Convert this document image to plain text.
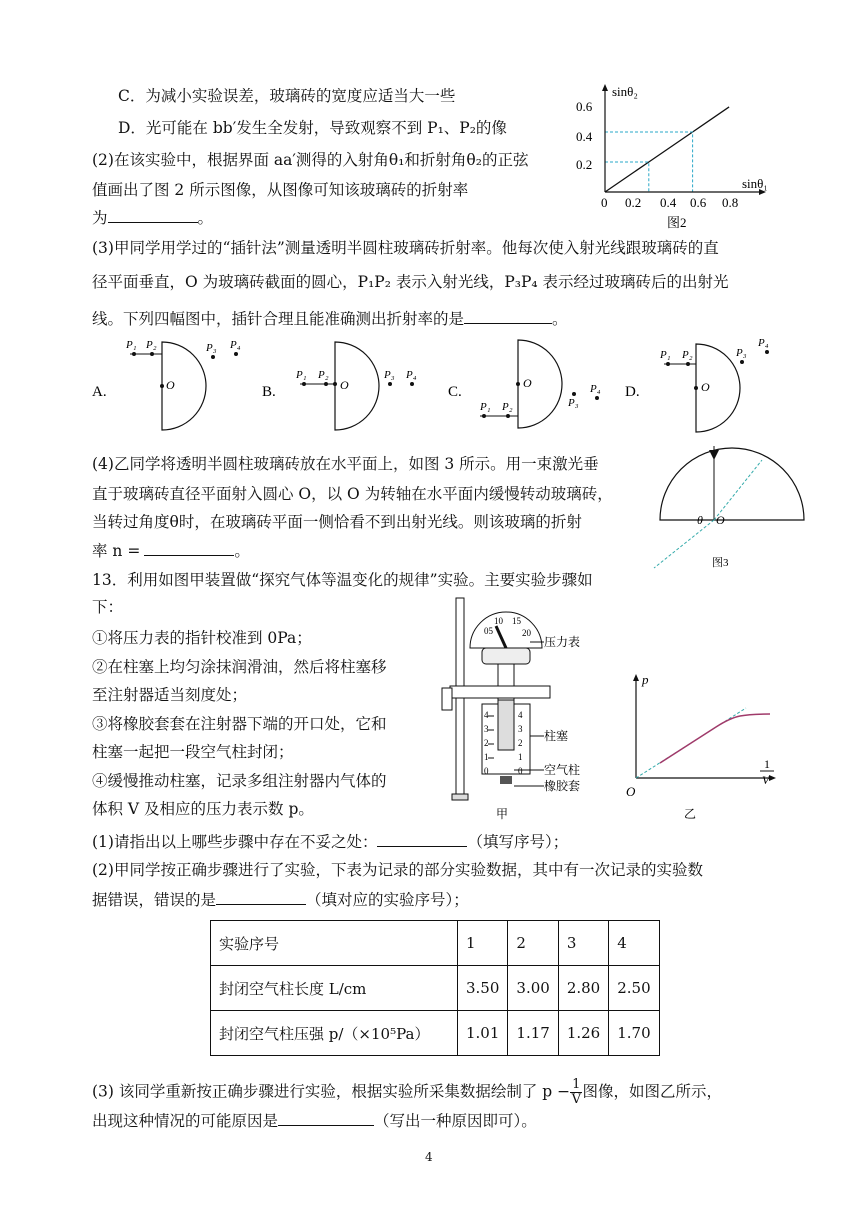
C．为减小实验误差，玻璃砖的宽度应适当大一些
D．光可能在 bb′发生全发射，导致观察不到 P₁、P₂的像
(2)在该实验中，根据界面 aa′测得的入射角θ₁和折射角θ₂的正弦
值画出了图 2 所示图像，从图像可知该玻璃砖的折射率
为	。
sinθ₂
sinθ₁
0.6
0.4
0.2
0 0.2 0.4 0.6 0.8
图2
(3)甲同学用学过的“插针法”测量透明半圆柱玻璃砖折射率。他每次使入射光线跟玻璃砖的直
径平面垂直，O 为玻璃砖截面的圆心，P₁P₂ 表示入射光线，P₃P₄ 表示经过玻璃砖后的出射光
线。下列四幅图中，插针合理且能准确测出折射率的是	。
A.
P₁ P₂	P₃ P₄
O	B.
P₁ P₂	P₃ P₄
O	C.
P₁ P₂	P₃
P₄
O
D.
P₁ P₂	P₃
P₄
O
(4)乙同学将透明半圆柱玻璃砖放在水平面上，如图 3 所示。用一束激光垂
直于玻璃砖直径平面射入圆心 O，以 O 为转轴在水平面内缓慢转动玻璃砖，
当转过角度θ时，在玻璃砖平面一侧恰看不到出射光线。则该玻璃的折射
率 n =	。
θ O
图3
13．利用如图甲装置做“探究气体等温变化的规律”实验。主要实验步骤如
下：
①将压力表的指针校准到 0Pa；
②在柱塞上均匀涂抹润滑油，然后将柱塞移
至注射器适当刻度处；
③将橡胶套套在注射器下端的开口处，它和
柱塞一起把一段空气柱封闭；
④缓慢推动柱塞，记录多组注射器内气体的
体积 V 及相应的压力表示数 p。
05
10 15
20
4
3
2
1
0
4
3
2
1
0
压力表
柱塞
空气柱
橡胶套
甲
p
O
1
V
乙
(1)请指出以上哪些步骤中存在不妥之处：	（填写序号）；
(2)甲同学按正确步骤进行了实验，下表为记录的部分实验数据，其中有一次记录的实验数
据错误，错误的是	（填对应的实验序号）；
实验序号	1	2	3	4
封闭空气柱长度 L/cm	3.50	3.00	2.80	2.50
封闭空气柱压强 p/（×10⁵Pa）	1.01	1.17	1.26	1.70
(3) 该同学重新按正确步骤进行实验，根据实验所采集数据绘制了 $p - \frac{1}{V}$ 图像，如图乙所示，
出现这种情况的可能原因是	（写出一种原因即可）。
4
